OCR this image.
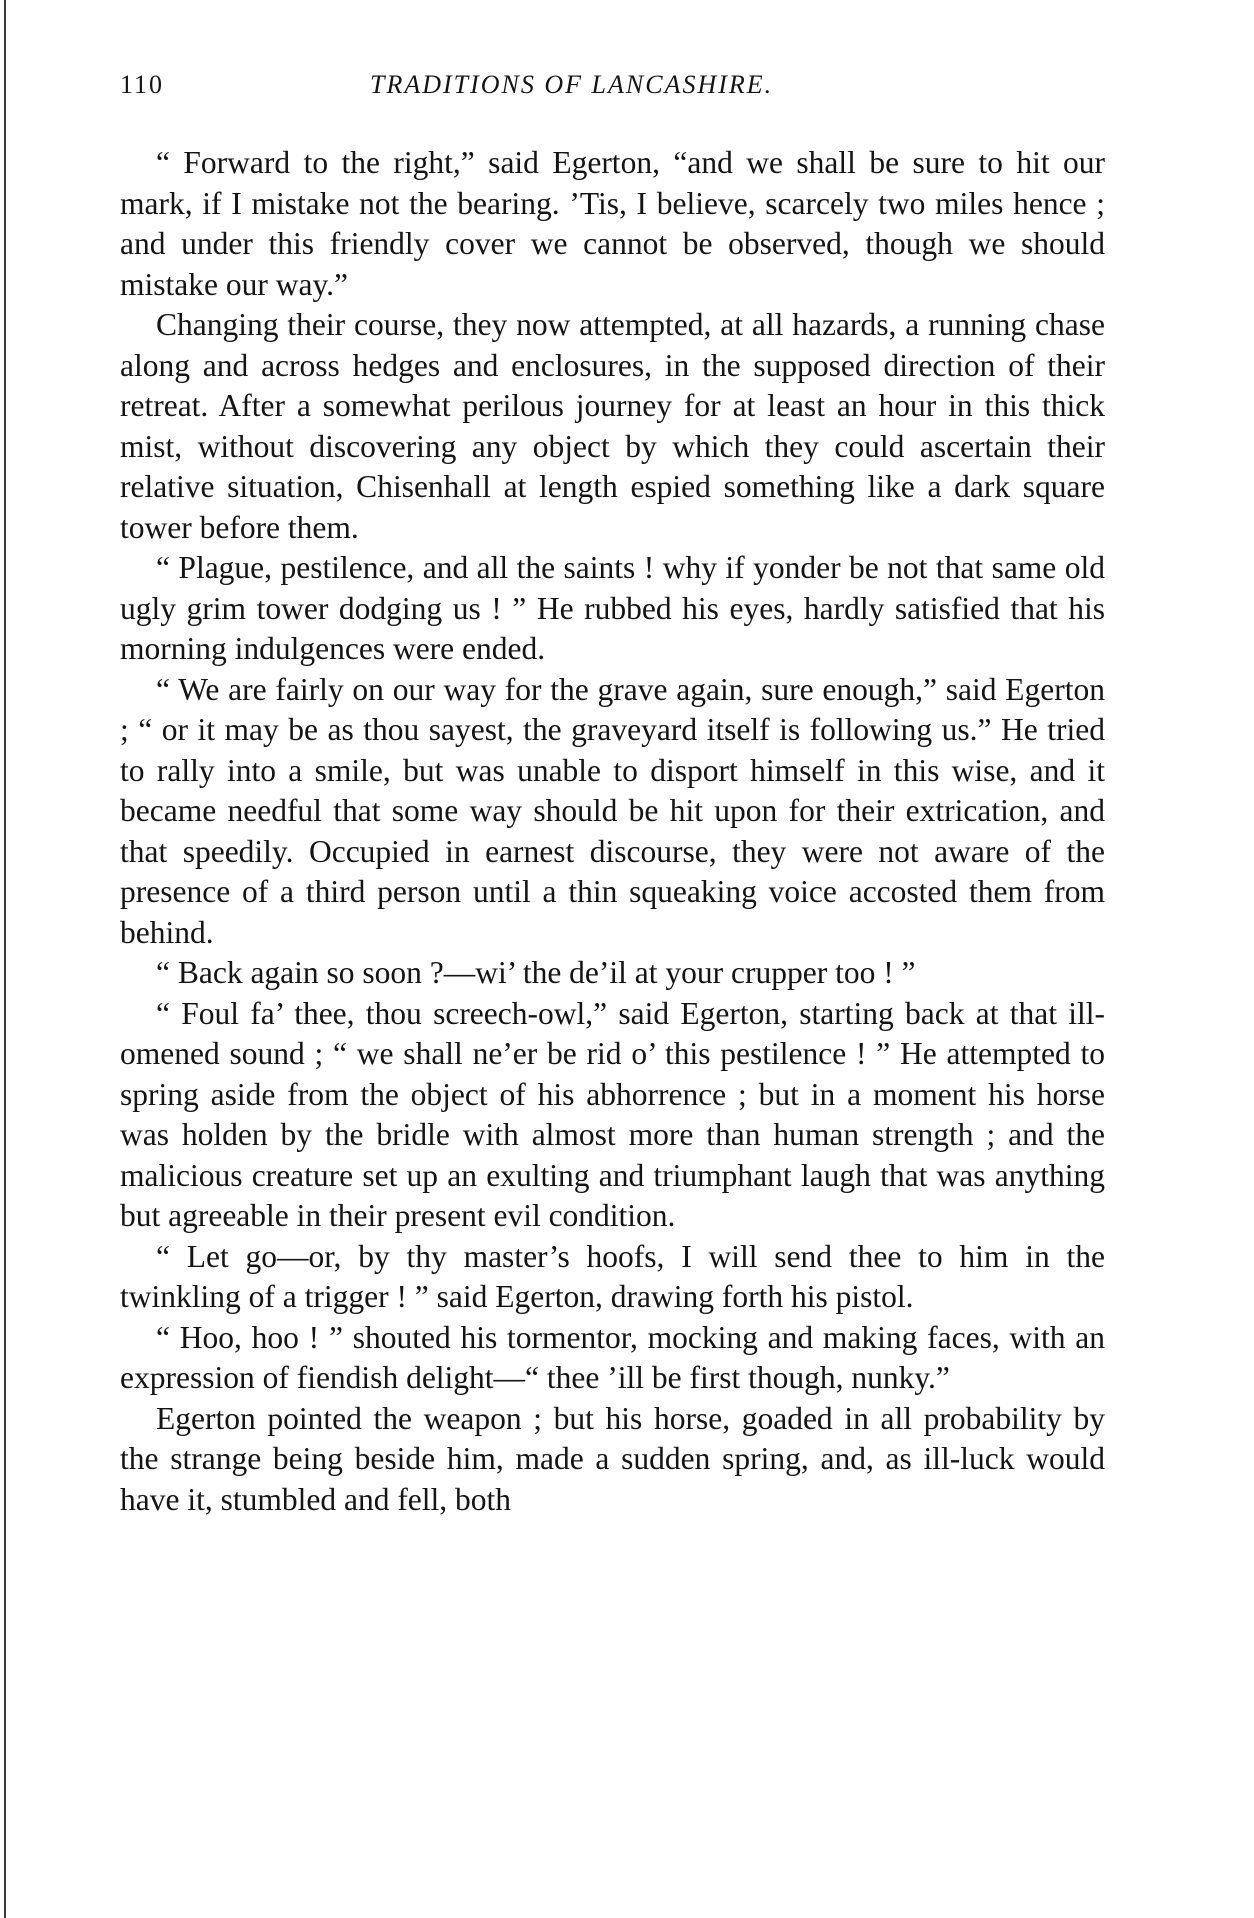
110	TRADITIONS OF LANCASHIRE.

“ Forward to the right,” said Egerton, “and we shall be sure to hit our mark, if I mistake not the bearing. ’Tis, I believe, scarcely two miles hence ; and under this friendly cover we cannot be observed, though we should mistake our way.”

Changing their course, they now attempted, at all hazards, a running chase along and across hedges and enclosures, in the supposed direction of their retreat. After a somewhat perilous journey for at least an hour in this thick mist, without discovering any object by which they could ascertain their relative situation, Chisenhall at length espied something like a dark square tower before them.

“ Plague, pestilence, and all the saints ! why if yonder be not that same old ugly grim tower dodging us ! ” He rubbed his eyes, hardly satisfied that his morning indulgences were ended.

“ We are fairly on our way for the grave again, sure enough,” said Egerton ; “ or it may be as thou sayest, the graveyard itself is following us.” He tried to rally into a smile, but was unable to disport himself in this wise, and it became needful that some way should be hit upon for their extrication, and that speedily. Occupied in earnest discourse, they were not aware of the presence of a third person until a thin squeaking voice accosted them from behind.

“ Back again so soon ?—wi’ the de’il at your crupper too ! ”

“ Foul fa’ thee, thou screech-owl,” said Egerton, starting back at that ill-omened sound ; “ we shall ne’er be rid o’ this pestilence ! ” He attempted to spring aside from the object of his abhorrence ; but in a moment his horse was holden by the bridle with almost more than human strength ; and the malicious creature set up an exulting and triumphant laugh that was anything but agreeable in their present evil condition.

“ Let go—or, by thy master’s hoofs, I will send thee to him in the twinkling of a trigger ! ” said Egerton, drawing forth his pistol.

“ Hoo, hoo ! ” shouted his tormentor, mocking and making faces, with an expression of fiendish delight—“ thee ’ill be first though, nunky.”

Egerton pointed the weapon ; but his horse, goaded in all probability by the strange being beside him, made a sudden spring, and, as ill-luck would have it, stumbled and fell, both
